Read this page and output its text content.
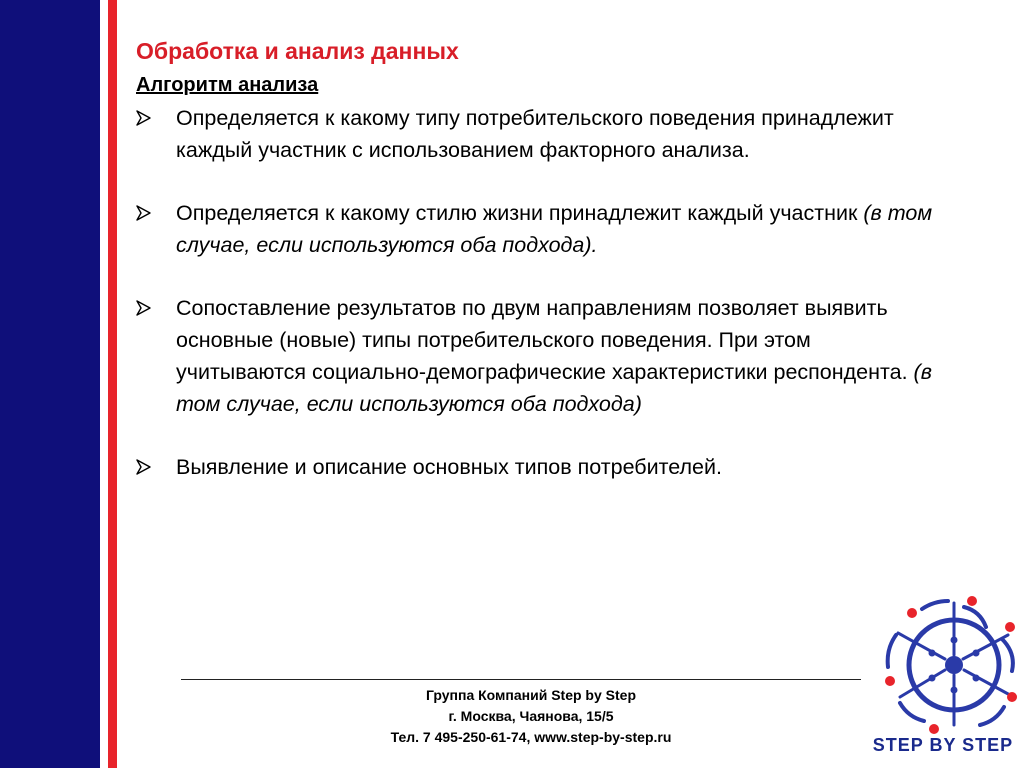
Обработка и анализ данных
Алгоритм анализа
Определяется к какому типу потребительского поведения принадлежит каждый участник с использованием факторного анализа.
Определяется к какому стилю жизни принадлежит каждый участник (в том случае, если используются оба подхода).
Сопоставление результатов по двум направлениям позволяет выявить основные (новые) типы потребительского поведения. При этом учитываются социально-демографические характеристики респондента. (в том случае, если используются оба подхода)
Выявление и описание основных типов потребителей.
Группа Компаний Step by Step
г. Москва, Чаянова, 15/5
Тел. 7 495-250-61-74, www.step-by-step.ru	STEP BY STEP
